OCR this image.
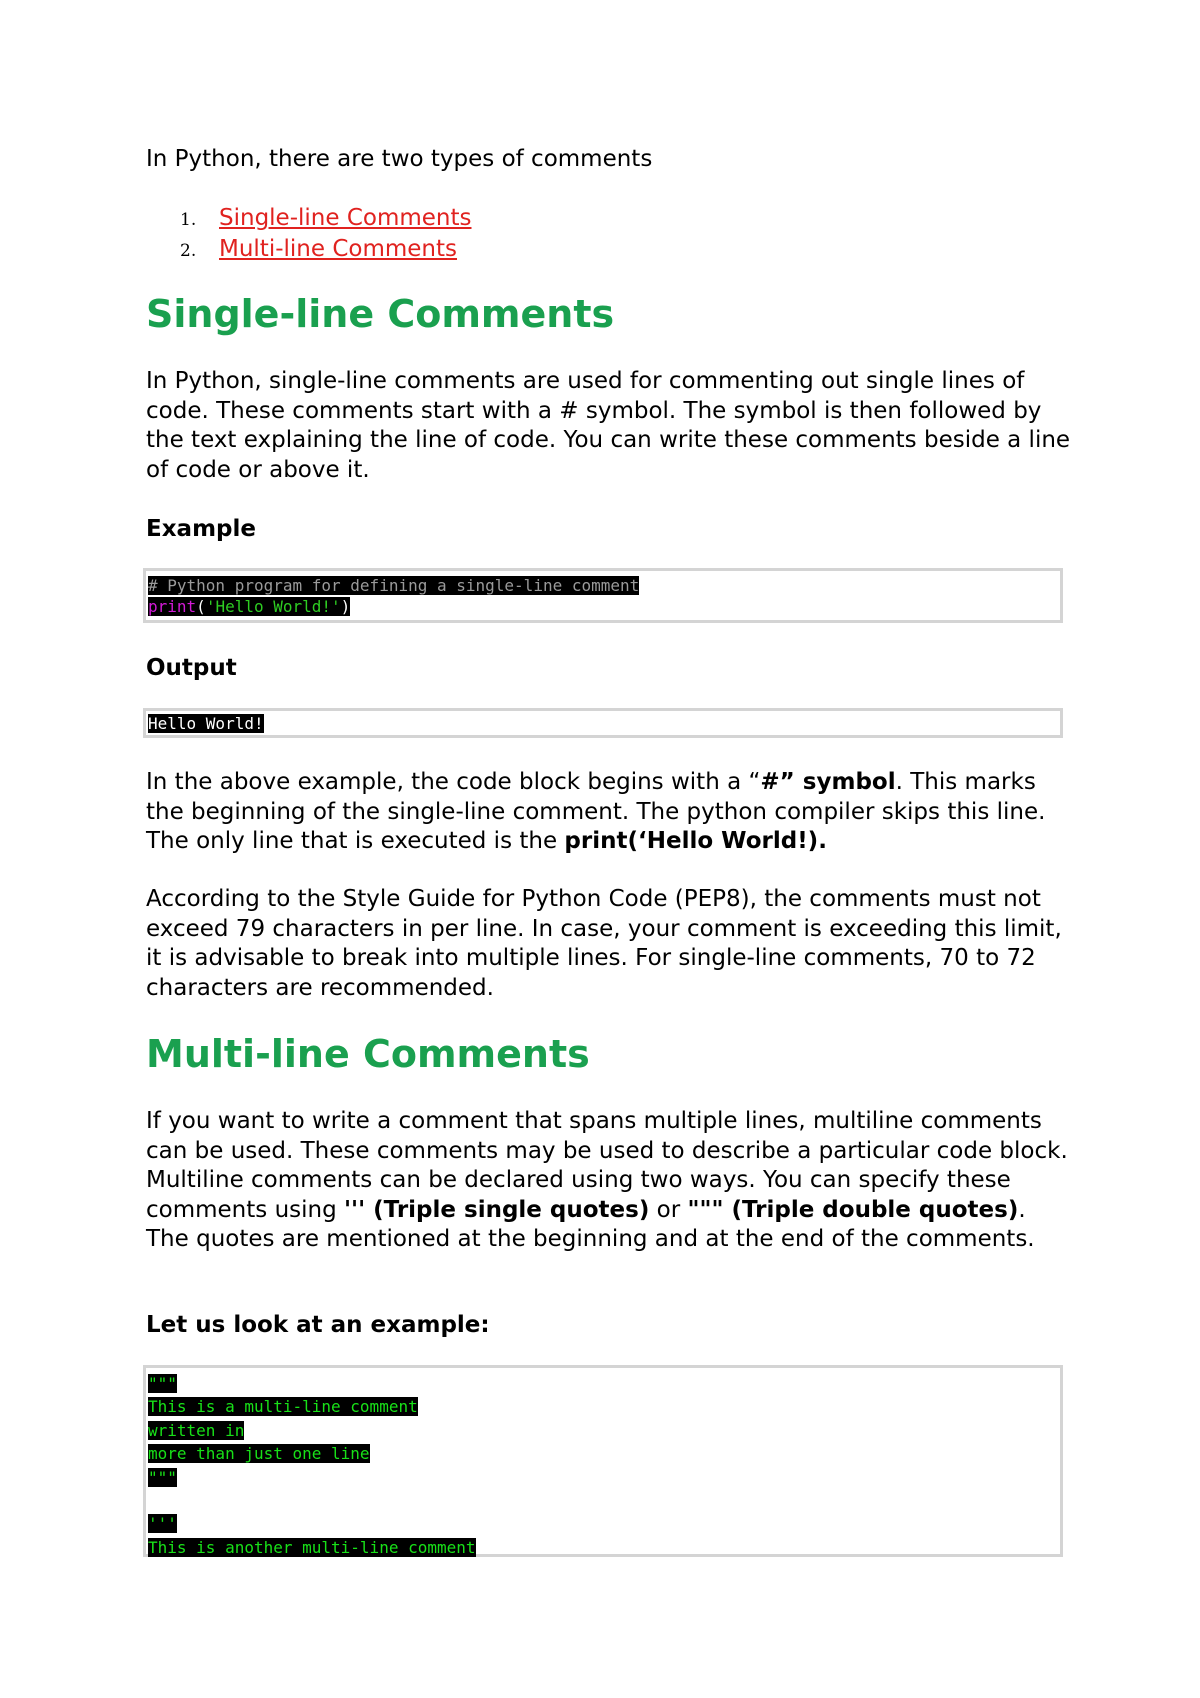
In Python, there are two types of comments

1. Single-line Comments
2. Multi-line Comments
Single-line Comments

In Python, single-line comments are used for commenting out single lines of code. These comments start with a # symbol. The symbol is then followed by the text explaining the line of code. You can write these comments beside a line of code or above it.

Example

# Python program for defining a single-line comment
print('Hello World!')

Output

Hello World!

In the above example, the code block begins with a “#” symbol. This marks the beginning of the single-line comment. The python compiler skips this line. The only line that is executed is the print(‘Hello World!).

According to the Style Guide for Python Code (PEP8), the comments must not exceed 79 characters in per line. In case, your comment is exceeding this limit, it is advisable to break into multiple lines. For single-line comments, 70 to 72 characters are recommended.

Multi-line Comments

If you want to write a comment that spans multiple lines, multiline comments can be used. These comments may be used to describe a particular code block. Multiline comments can be declared using two ways. You can specify these comments using ''' (Triple single quotes) or """ (Triple double quotes). The quotes are mentioned at the beginning and at the end of the comments.

Let us look at an example:

"""
This is a multi-line comment
written in
more than just one line
"""
'''
This is another multi-line comment
